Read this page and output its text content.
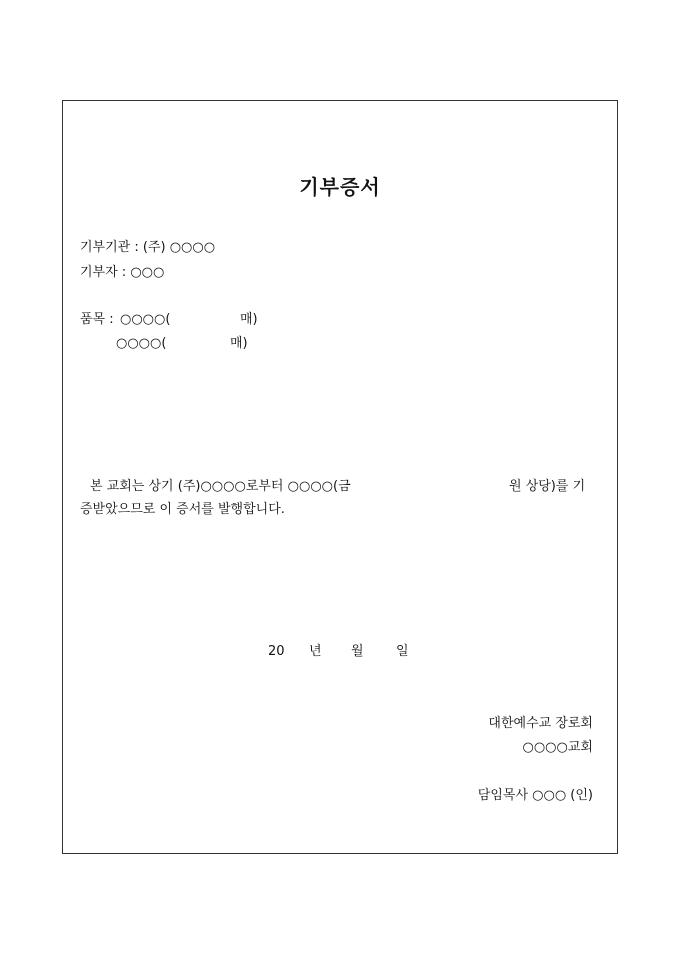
기부증서
기부기관 : (주) ○○○○
기부자 : ○○○
품목 : ○○○○(	매)
○○○○(	매)
본 교회는 상기 (주)○○○○로부터 ○○○○(금	원 상당)를 기
증받았으므로 이 증서를 발행합니다.
20 년 월 일
대한예수교 장로회
○○○○교회
담임목사 ○○○ (인)
